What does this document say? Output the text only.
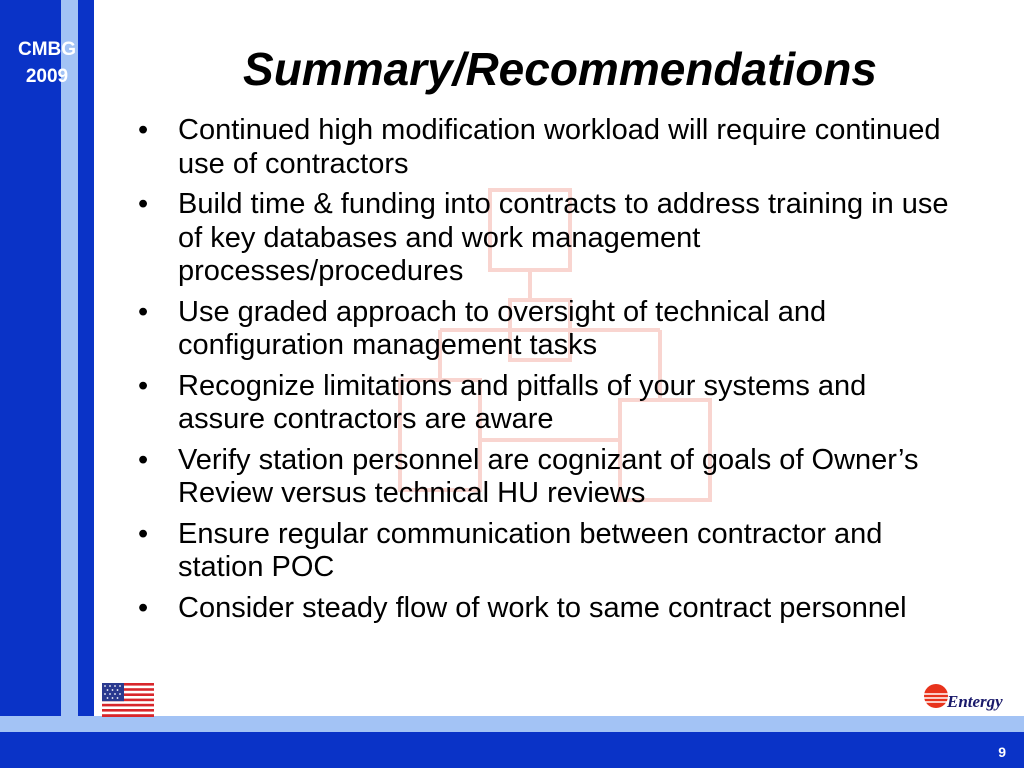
CMBG
2009
9
Summary/Recommendations
• Continued high modification workload will require continued use of contractors
• Build time & funding into contracts to address training in use of key databases and work management processes/procedures
• Use graded approach to oversight of technical and configuration management tasks
• Recognize limitations and pitfalls of your systems and assure contractors are aware
• Verify station personnel are cognizant of goals of Owner’s Review versus technical HU reviews
• Ensure regular communication between contractor and station POC
• Consider steady flow of work to same contract personnel
Entergy
